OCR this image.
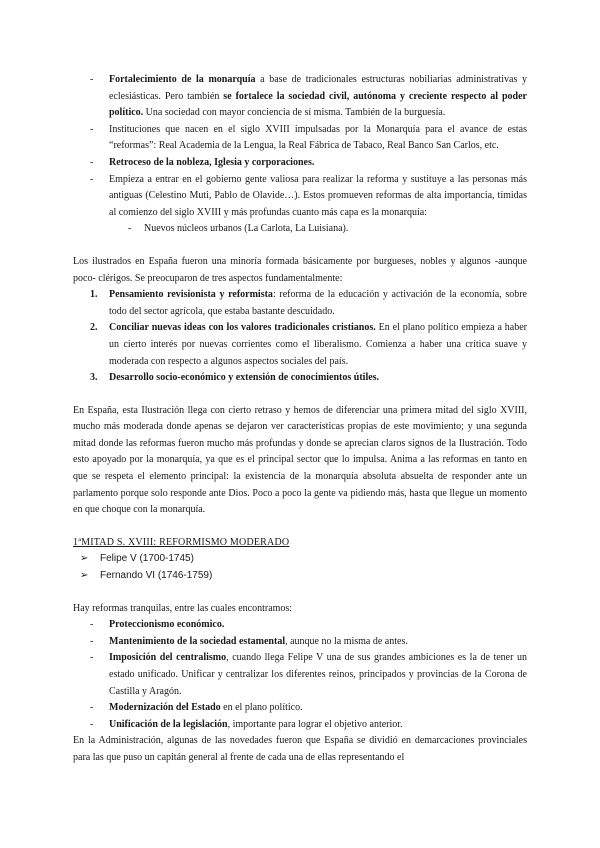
-	Fortalecimiento de la monarquía a base de tradicionales estructuras nobiliarias administrativas y eclesiásticas. Pero también se fortalece la sociedad civil, autónoma y creciente respecto al poder político. Una sociedad con mayor conciencia de sí misma. También de la burguesía.
-	Instituciones que nacen en el siglo XVIII impulsadas por la Monarquía para el avance de estas “reformas”: Real Academia de la Lengua, la Real Fábrica de Tabaco, Real Banco San Carlos, etc.
-	Retroceso de la nobleza, Iglesia y corporaciones.
-	Empieza a entrar en el gobierno gente valiosa para realizar la reforma y sustituye a las personas más antiguas (Celestino Muti, Pablo de Olavide…). Estos promueven reformas de alta importancia, tímidas al comienzo del siglo XVIII y más profundas cuanto más capa es la monarquía:
-	Nuevos núcleos urbanos (La Carlota, La Luisiana).

Los ilustrados en España fueron una minoría formada básicamente por burgueses, nobles y algunos -aunque poco- clérigos. Se preocuparon de tres aspectos fundamentalmente:

1.	Pensamiento revisionista y reformista: reforma de la educación y activación de la economía, sobre todo del sector agrícola, que estaba bastante descuidado.
2.	Conciliar nuevas ideas con los valores tradicionales cristianos. En el plano político empieza a haber un cierto interés por nuevas corrientes como el liberalismo. Comienza a haber una crítica suave y moderada con respecto a algunos aspectos sociales del país.
3.	Desarrollo socio-económico y extensión de conocimientos útiles.

En España, esta Ilustración llega con cierto retraso y hemos de diferenciar una primera mitad del siglo XVIII, mucho más moderada donde apenas se dejaron ver características propias de este movimiento; y una segunda mitad donde las reformas fueron mucho más profundas y donde se aprecian claros signos de la Ilustración. Todo esto apoyado por la monarquía, ya que es el principal sector que lo impulsa. Anima a las reformas en tanto en que se respeta el elemento principal: la existencia de la monarquía absoluta absuelta de responder ante un parlamento porque solo responde ante Dios. Poco a poco la gente va pidiendo más, hasta que llegue un momento en que choque con la monarquía.

1ªMITAD S. XVIII: REFORMISMO MODERADO
➢	Felipe V (1700-1745)
➢	Fernando VI (1746-1759)

Hay reformas tranquilas, entre las cuales encontramos:

-	Proteccionismo económico.
-	Mantenimiento de la sociedad estamental, aunque no la misma de antes.
-	Imposición del centralismo, cuando llega Felipe V una de sus grandes ambiciones es la de tener un estado unificado. Unificar y centralizar los diferentes reinos, principados y provincias de la Corona de Castilla y Aragón.
-	Modernización del Estado en el plano político.
-	Unificación de la legislación, importante para lograr el objetivo anterior.

En la Administración, algunas de las novedades fueron que España se dividió en demarcaciones provinciales para las que puso un capitán general al frente de cada una de ellas representando el
